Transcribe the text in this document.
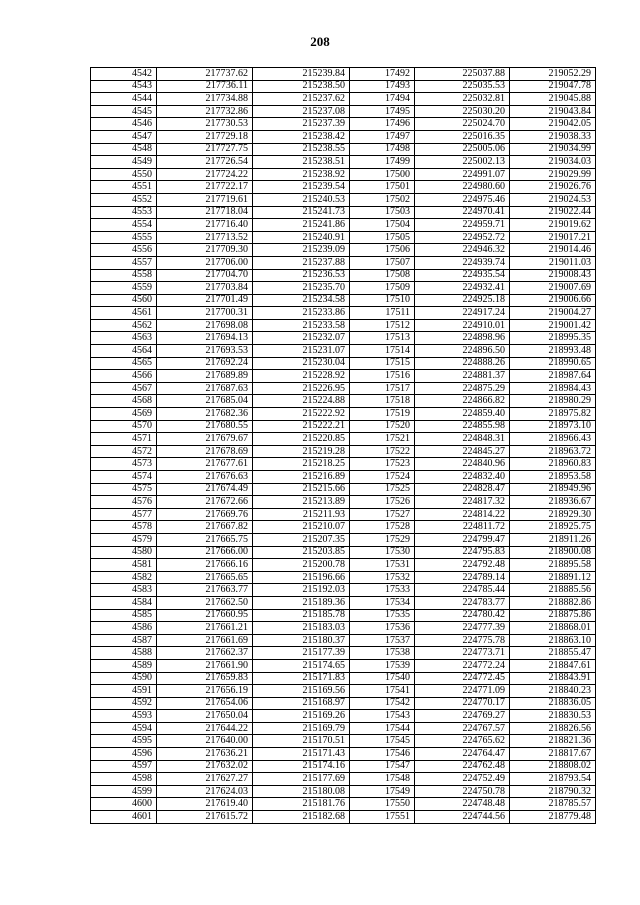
208
4542	217737.62	215239.84	17492	225037.88	219052.29
4543	217736.11	215238.50	17493	225035.53	219047.78
4544	217734.88	215237.62	17494	225032.81	219045.88
4545	217732.86	215237.08	17495	225030.20	219043.84
4546	217730.53	215237.39	17496	225024.70	219042.05
4547	217729.18	215238.42	17497	225016.35	219038.33
4548	217727.75	215238.55	17498	225005.06	219034.99
4549	217726.54	215238.51	17499	225002.13	219034.03
4550	217724.22	215238.92	17500	224991.07	219029.99
4551	217722.17	215239.54	17501	224980.60	219026.76
4552	217719.61	215240.53	17502	224975.46	219024.53
4553	217718.04	215241.73	17503	224970.41	219022.44
4554	217716.40	215241.86	17504	224959.71	219019.62
4555	217713.52	215240.91	17505	224952.72	219017.21
4556	217709.30	215239.09	17506	224946.32	219014.46
4557	217706.00	215237.88	17507	224939.74	219011.03
4558	217704.70	215236.53	17508	224935.54	219008.43
4559	217703.84	215235.70	17509	224932.41	219007.69
4560	217701.49	215234.58	17510	224925.18	219006.66
4561	217700.31	215233.86	17511	224917.24	219004.27
4562	217698.08	215233.58	17512	224910.01	219001.42
4563	217694.13	215232.07	17513	224898.96	218995.35
4564	217693.53	215231.07	17514	224896.50	218993.48
4565	217692.24	215230.04	17515	224888.26	218990.65
4566	217689.89	215228.92	17516	224881.37	218987.64
4567	217687.63	215226.95	17517	224875.29	218984.43
4568	217685.04	215224.88	17518	224866.82	218980.29
4569	217682.36	215222.92	17519	224859.40	218975.82
4570	217680.55	215222.21	17520	224855.98	218973.10
4571	217679.67	215220.85	17521	224848.31	218966.43
4572	217678.69	215219.28	17522	224845.27	218963.72
4573	217677.61	215218.25	17523	224840.96	218960.83
4574	217676.63	215216.89	17524	224832.40	218953.58
4575	217674.49	215215.66	17525	224828.47	218949.96
4576	217672.66	215213.89	17526	224817.32	218936.67
4577	217669.76	215211.93	17527	224814.22	218929.30
4578	217667.82	215210.07	17528	224811.72	218925.75
4579	217665.75	215207.35	17529	224799.47	218911.26
4580	217666.00	215203.85	17530	224795.83	218900.08
4581	217666.16	215200.78	17531	224792.48	218895.58
4582	217665.65	215196.66	17532	224789.14	218891.12
4583	217663.77	215192.03	17533	224785.44	218885.56
4584	217662.50	215189.36	17534	224783.77	218882.86
4585	217660.95	215185.78	17535	224780.42	218875.86
4586	217661.21	215183.03	17536	224777.39	218868.01
4587	217661.69	215180.37	17537	224775.78	218863.10
4588	217662.37	215177.39	17538	224773.71	218855.47
4589	217661.90	215174.65	17539	224772.24	218847.61
4590	217659.83	215171.83	17540	224772.45	218843.91
4591	217656.19	215169.56	17541	224771.09	218840.23
4592	217654.06	215168.97	17542	224770.17	218836.05
4593	217650.04	215169.26	17543	224769.27	218830.53
4594	217644.22	215169.79	17544	224767.57	218826.56
4595	217640.00	215170.51	17545	224765.62	218821.36
4596	217636.21	215171.43	17546	224764.47	218817.67
4597	217632.02	215174.16	17547	224762.48	218808.02
4598	217627.27	215177.69	17548	224752.49	218793.54
4599	217624.03	215180.08	17549	224750.78	218790.32
4600	217619.40	215181.76	17550	224748.48	218785.57
4601	217615.72	215182.68	17551	224744.56	218779.48
